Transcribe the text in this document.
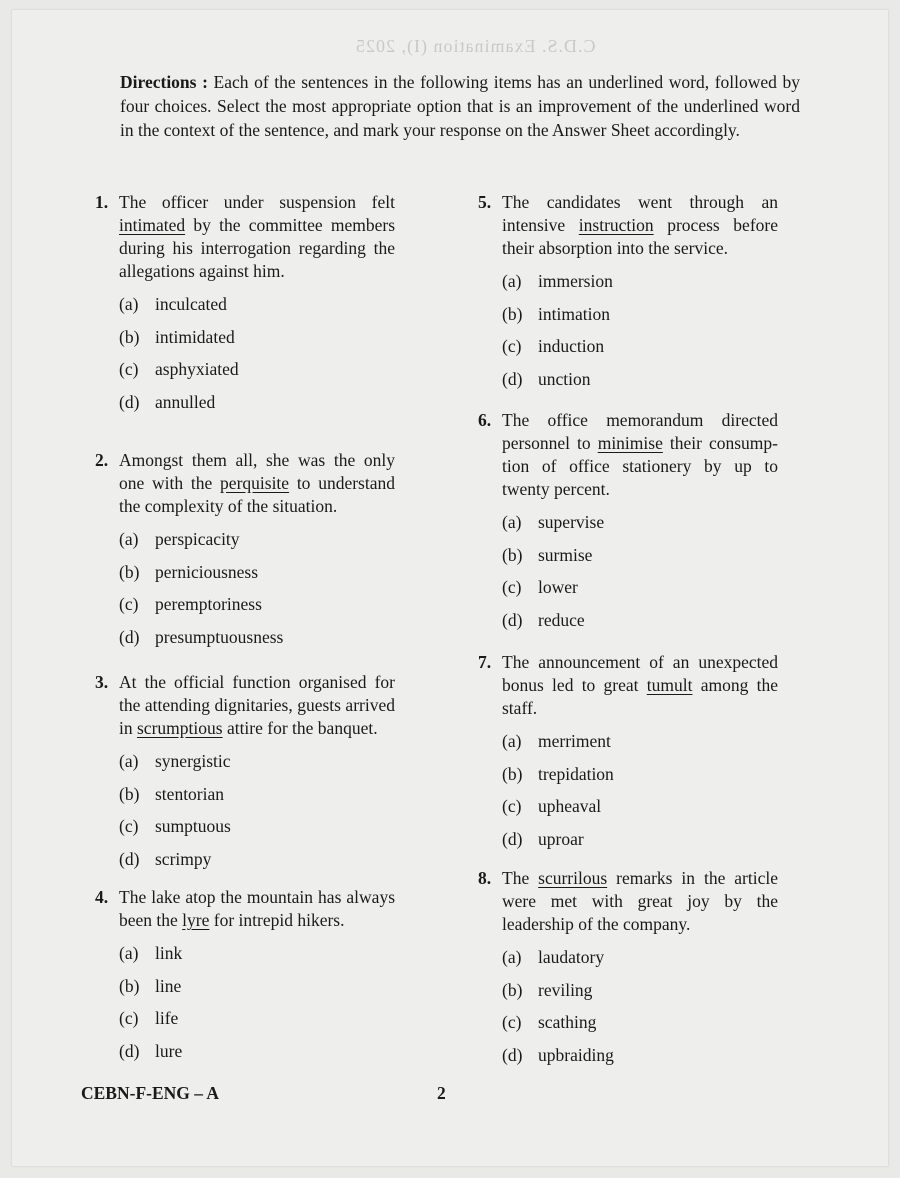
C.D.S. Examination (I), 2025
Directions : Each of the sentences in the following items has an underlined word, followed by four choices. Select the most appropriate option that is an improvement of the underlined word in the context of the sentence, and mark your response on the Answer Sheet accordingly.
1. The officer under suspension felt intimated by the committee members during his interrogation regarding the allegations against him.
(a) inculcated
(b) intimidated
(c) asphyxiated
(d) annulled
2. Amongst them all, she was the only one with the perquisite to understand the complexity of the situation.
(a) perspicacity
(b) perniciousness
(c) peremptoriness
(d) presumptuousness
3. At the official function organised for the attending dignitaries, guests arrived in scrumptious attire for the banquet.
(a) synergistic
(b) stentorian
(c) sumptuous
(d) scrimpy
4. The lake atop the mountain has always been the lyre for intrepid hikers.
(a) link
(b) line
(c) life
(d) lure
5. The candidates went through an intensive instruction process before their absorption into the service.
(a) immersion
(b) intimation
(c) induction
(d) unction
6. The office memorandum directed personnel to minimise their consump-tion of office stationery by up to twenty percent.
(a) supervise
(b) surmise
(c) lower
(d) reduce
7. The announcement of an unexpected bonus led to great tumult among the staff.
(a) merriment
(b) trepidation
(c) upheaval
(d) uproar
8. The scurrilous remarks in the article were met with great joy by the leadership of the company.
(a) laudatory
(b) reviling
(c) scathing
(d) upbraiding
CEBN-F-ENG – A	2
